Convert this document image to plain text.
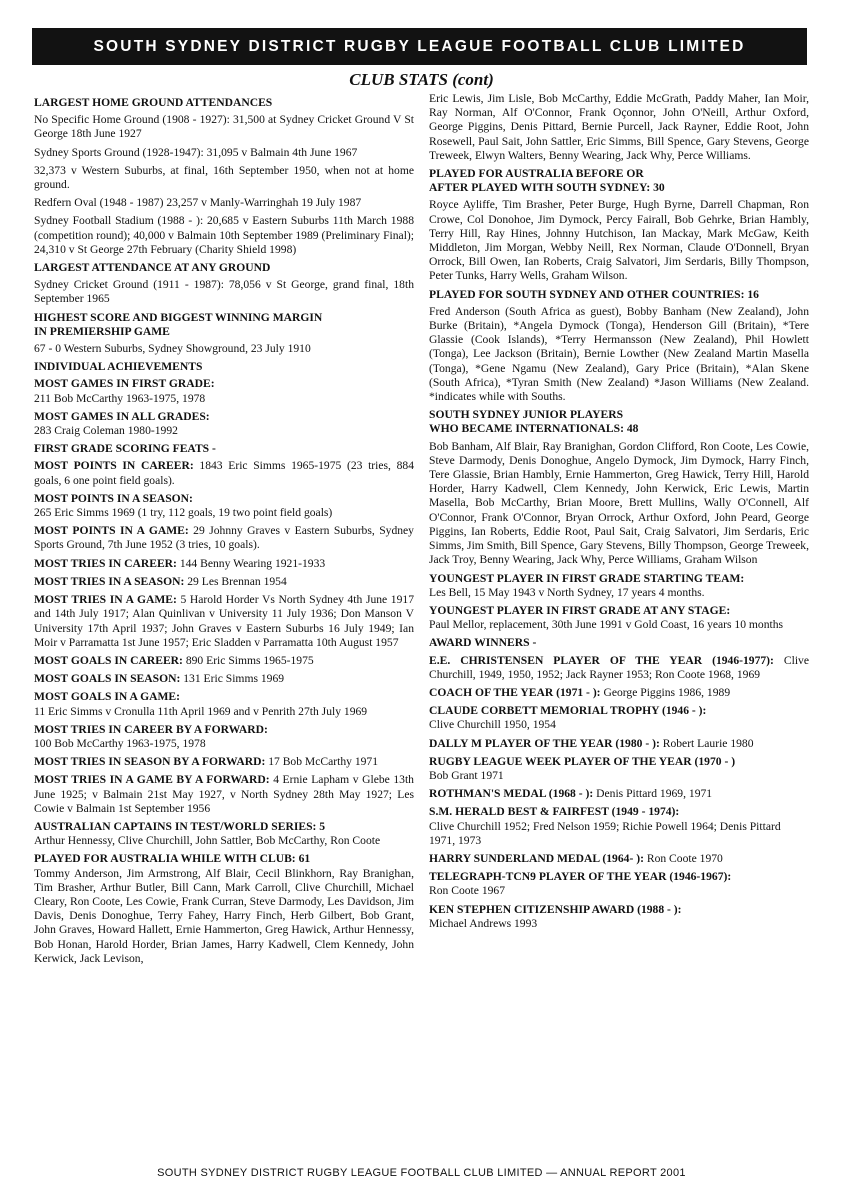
SOUTH SYDNEY DISTRICT RUGBY LEAGUE FOOTBALL CLUB LIMITED
CLUB STATS (cont)
LARGEST HOME GROUND ATTENDANCES

No Specific Home Ground (1908 - 1927): 31,500 at Sydney Cricket Ground V St George 18th June 1927

Sydney Sports Ground (1928-1947): 31,095 v Balmain 4th June 1967

32,373 v Western Suburbs, at final, 16th September 1950, when not at home ground.

Redfern Oval (1948 - 1987) 23,257 v Manly-Warringhah 19 July 1987

Sydney Football Stadium (1988 - ): 20,685 v Eastern Suburbs 11th March 1988 (competition round); 40,000 v Balmain 10th September 1989 (Preliminary Final); 24,310 v St George 27th February (Charity Shield 1998)

LARGEST ATTENDANCE AT ANY GROUND

Sydney Cricket Ground (1911 - 1987): 78,056 v St George, grand final, 18th September 1965

HIGHEST SCORE AND BIGGEST WINNING MARGIN
IN PREMIERSHIP GAME

67 - 0 Western Suburbs, Sydney Showground, 23 July 1910

INDIVIDUAL ACHIEVEMENTS
MOST GAMES IN FIRST GRADE:
211 Bob McCarthy 1963-1975, 1978
MOST GAMES IN ALL GRADES:
283 Craig Coleman 1980-1992
FIRST GRADE SCORING FEATS -

MOST POINTS IN CAREER: 1843 Eric Simms 1965-1975 (23 tries, 884 goals, 6 one point field goals).

MOST POINTS IN A SEASON:
265 Eric Simms 1969 (1 try, 112 goals, 19 two point field goals)

MOST POINTS IN A GAME: 29 Johnny Graves v Eastern Suburbs, Sydney Sports Ground, 7th June 1952 (3 tries, 10 goals).

MOST TRIES IN CAREER: 144 Benny Wearing 1921-1933

MOST TRIES IN A SEASON: 29 Les Brennan 1954

MOST TRIES IN A GAME: 5 Harold Horder Vs North Sydney 4th June 1917 and 14th July 1917; Alan Quinlivan v University 11 July 1936; Don Manson V University 17th April 1937; John Graves v Eastern Suburbs 16 July 1949; Ian Moir v Parramatta 1st June 1957; Eric Sladden v Parramatta 10th August 1957

MOST GOALS IN CAREER: 890 Eric Simms 1965-1975

MOST GOALS IN SEASON: 131 Eric Simms 1969

MOST GOALS IN A GAME:
11 Eric Simms v Cronulla 11th April 1969 and v Penrith 27th July 1969
MOST TRIES IN CAREER BY A FORWARD:
100 Bob McCarthy 1963-1975, 1978

MOST TRIES IN SEASON BY A FORWARD: 17 Bob McCarthy 1971

MOST TRIES IN A GAME BY A FORWARD: 4 Ernie Lapham v Glebe 13th June 1925; v Balmain 21st May 1927, v North Sydney 28th May 1927; Les Cowie v Balmain 1st September 1956

AUSTRALIAN CAPTAINS IN TEST/WORLD SERIES: 5

Arthur Hennessy, Clive Churchill, John Sattler, Bob McCarthy, Ron Coote

PLAYED FOR AUSTRALIA WHILE WITH CLUB: 61

Tommy Anderson, Jim Armstrong, Alf Blair, Cecil Blinkhorn, Ray Branighan, Tim Brasher, Arthur Butler, Bill Cann, Mark Carroll, Clive Churchill, Michael Cleary, Ron Coote, Les Cowie, Frank Curran, Steve Darmody, Les Davidson, Jim Davis, Denis Donoghue, Terry Fahey, Harry Finch, Herb Gilbert, Bob Grant, John Graves, Howard Hallett, Ernie Hammerton, Greg Hawick, Arthur Hennessy, Bob Honan, Harold Horder, Brian James, Harry Kadwell, Clem Kennedy, John Kerwick, Jack Levison,

Eric Lewis, Jim Lisle, Bob McCarthy, Eddie McGrath, Paddy Maher, Ian Moir, Ray Norman, Alf O'Connor, Frank Oçonnor, John O'Neill, Arthur Oxford, George Piggins, Denis Pittard, Bernie Purcell, Jack Rayner, Eddie Root, John Rosewell, Paul Sait, John Sattler, Eric Simms, Bill Spence, Gary Stevens, George Treweek, Elwyn Walters, Benny Wearing, Jack Why, Perce Williams.

PLAYED FOR AUSTRALIA BEFORE OR
AFTER PLAYED WITH SOUTH SYDNEY: 30

Royce Ayliffe, Tim Brasher, Peter Burge, Hugh Byrne, Darrell Chapman, Ron Crowe, Col Donohoe, Jim Dymock, Percy Fairall, Bob Gehrke, Brian Hambly, Terry Hill, Ray Hines, Johnny Hutchison, Ian Mackay, Mark McGaw, Keith Middleton, Jim Morgan, Webby Neill, Rex Norman, Claude O'Donnell, Bryan Orrock, Bill Owen, Ian Roberts, Craig Salvatori, Jim Serdaris, Billy Thompson, Peter Tunks, Harry Wells, Graham Wilson.

PLAYED FOR SOUTH SYDNEY AND OTHER COUNTRIES: 16

Fred Anderson (South Africa as guest), Bobby Banham (New Zealand), John Burke (Britain), *Angela Dymock (Tonga), Henderson Gill (Britain), *Tere Glassie (Cook Islands), *Terry Hermansson (New Zealand), Phil Howlett (Tonga), Lee Jackson (Britain), Bernie Lowther (New Zealand Martin Masella (Tonga), *Gene Ngamu (New Zealand), Gary Price (Britain), *Alan Skene (South Africa), *Tyran Smith (New Zealand) *Jason Williams (New Zealand. *indicates while with Souths.

SOUTH SYDNEY JUNIOR PLAYERS
WHO BECAME INTERNATIONALS: 48

Bob Banham, Alf Blair, Ray Branighan, Gordon Clifford, Ron Coote, Les Cowie, Steve Darmody, Denis Donoghue, Angelo Dymock, Jim Dymock, Harry Finch, Tere Glassie, Brian Hambly, Ernie Hammerton, Greg Hawick, Terry Hill, Harold Horder, Harry Kadwell, Clem Kennedy, John Kerwick, Eric Lewis, Martin Masella, Bob McCarthy, Brian Moore, Brett Mullins, Wally O'Connell, Alf O'Connor, Frank O'Connor, Bryan Orrock, Arthur Oxford, John Peard, George Piggins, Ian Roberts, Eddie Root, Paul Sait, Craig Salvatori, Jim Serdaris, Eric Simms, Jim Smith, Bill Spence, Gary Stevens, Billy Thompson, George Treweek, Jack Troy, Benny Wearing, Jack Why, Perce Williams, Graham Wilson

YOUNGEST PLAYER IN FIRST GRADE STARTING TEAM:
Les Bell, 15 May 1943 v North Sydney, 17 years 4 months.
YOUNGEST PLAYER IN FIRST GRADE AT ANY STAGE:
Paul Mellor, replacement, 30th June 1991 v Gold Coast, 16 years 10 months
AWARD WINNERS -

E.E. CHRISTENSEN PLAYER OF THE YEAR (1946-1977): Clive Churchill, 1949, 1950, 1952; Jack Rayner 1953; Ron Coote 1968, 1969

COACH OF THE YEAR (1971 - ): George Piggins 1986, 1989

CLAUDE CORBETT MEMORIAL TROPHY (1946 - ):
Clive Churchill 1950, 1954

DALLY M PLAYER OF THE YEAR (1980 - ): Robert Laurie 1980

RUGBY LEAGUE WEEK PLAYER OF THE YEAR (1970 - )
Bob Grant 1971

ROTHMAN'S MEDAL (1968 - ): Denis Pittard 1969, 1971

S.M. HERALD BEST & FAIRFEST (1949 - 1974):
Clive Churchill 1952; Fred Nelson 1959; Richie Powell 1964; Denis Pittard 1971, 1973

HARRY SUNDERLAND MEDAL (1964- ): Ron Coote 1970

TELEGRAPH-TCN9 PLAYER OF THE YEAR (1946-1967):
Ron Coote 1967
KEN STEPHEN CITIZENSHIP AWARD (1988 - ):
Michael Andrews 1993
SOUTH SYDNEY DISTRICT RUGBY LEAGUE FOOTBALL CLUB LIMITED — ANNUAL REPORT 2001
